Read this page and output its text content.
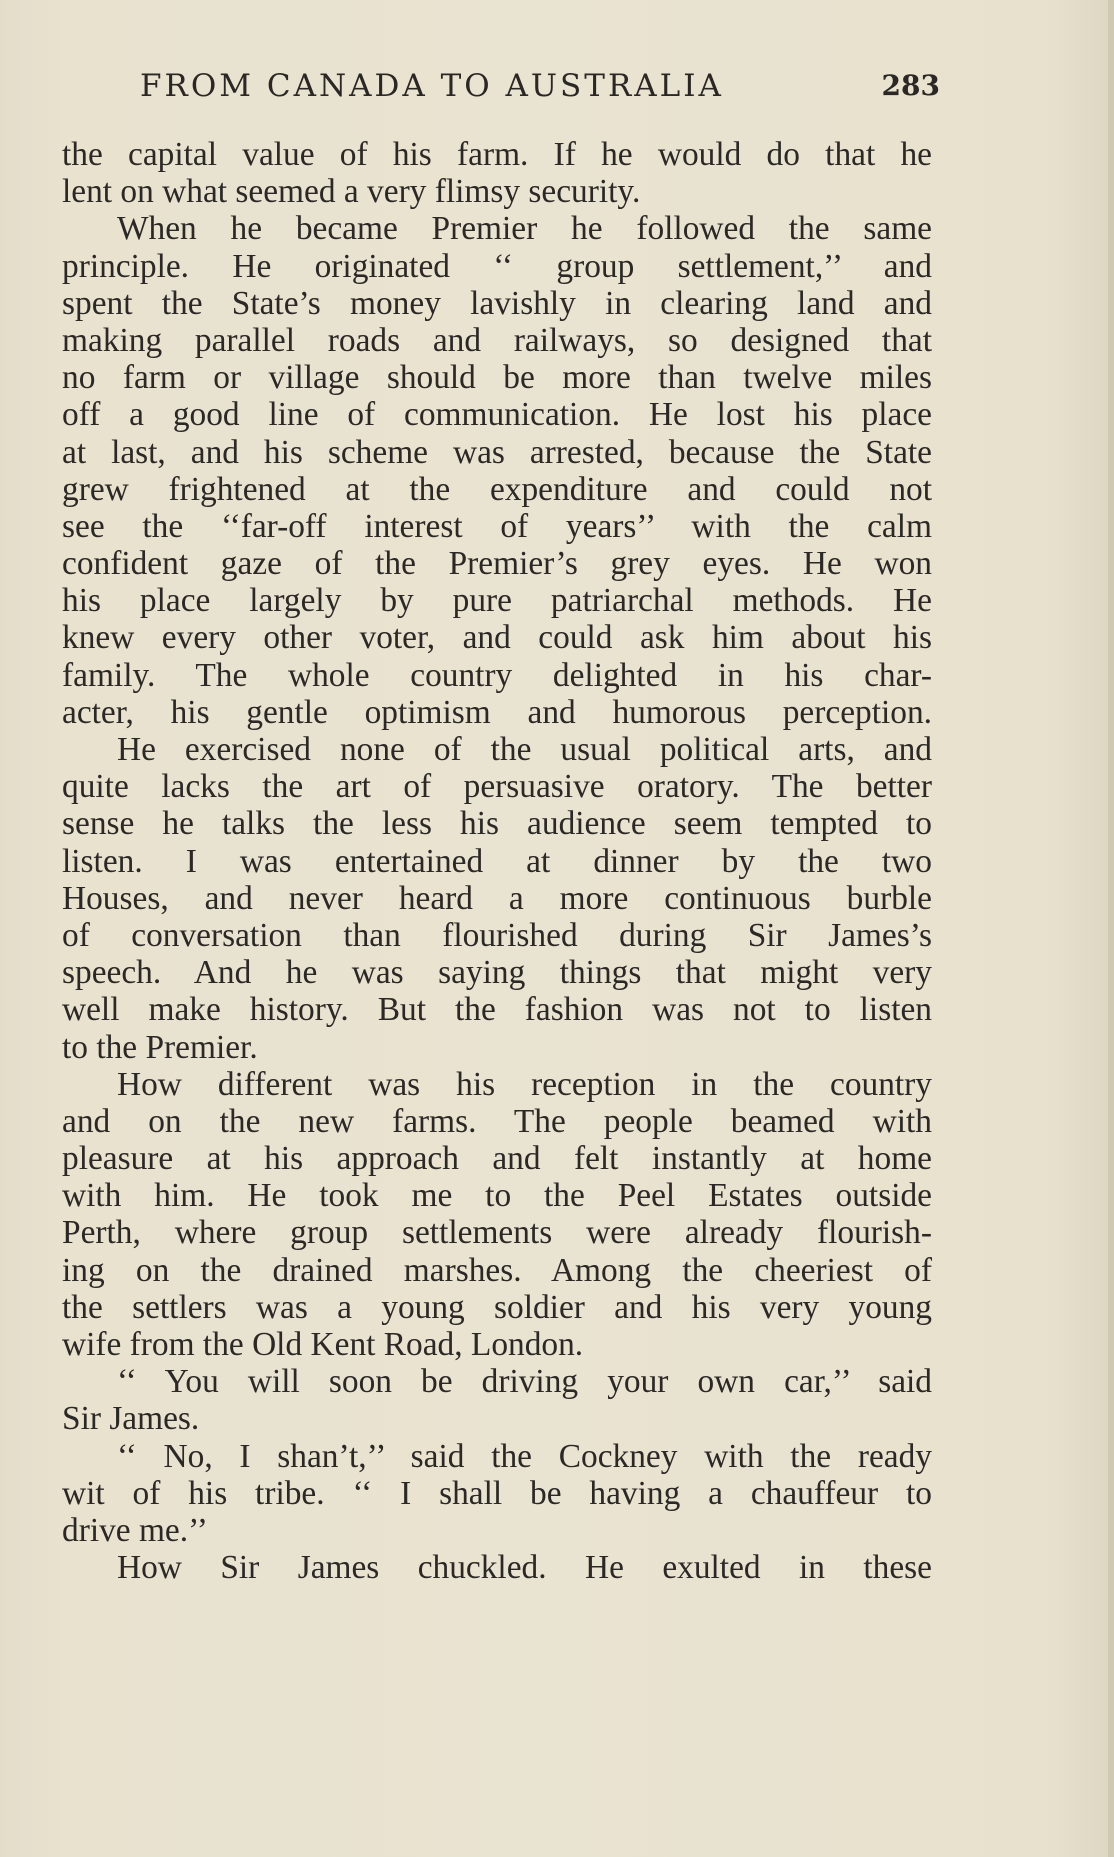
FROM CANADA TO AUSTRALIA	283
the capital value of his farm. If he would do that he
lent on what seemed a very flimsy security.
When he became Premier he followed the same
principle. He originated ‘‘ group settlement,’’ and
spent the State’s money lavishly in clearing land and
making parallel roads and railways, so designed that
no farm or village should be more than twelve miles
off a good line of communication. He lost his place
at last, and his scheme was arrested, because the State
grew frightened at the expenditure and could not
see the ‘‘far-off interest of years’’ with the calm
confident gaze of the Premier’s grey eyes. He won
his place largely by pure patriarchal methods. He
knew every other voter, and could ask him about his
family. The whole country delighted in his char-
acter, his gentle optimism and humorous perception.
He exercised none of the usual political arts, and
quite lacks the art of persuasive oratory. The better
sense he talks the less his audience seem tempted to
listen. I was entertained at dinner by the two
Houses, and never heard a more continuous burble
of conversation than flourished during Sir James’s
speech. And he was saying things that might very
well make history. But the fashion was not to listen
to the Premier.
How different was his reception in the country
and on the new farms. The people beamed with
pleasure at his approach and felt instantly at home
with him. He took me to the Peel Estates outside
Perth, where group settlements were already flourish-
ing on the drained marshes. Among the cheeriest of
the settlers was a young soldier and his very young
wife from the Old Kent Road, London.
‘‘ You will soon be driving your own car,’’ said
Sir James.
‘‘ No, I shan’t,’’ said the Cockney with the ready
wit of his tribe. ‘‘ I shall be having a chauffeur to
drive me.’’
How Sir James chuckled. He exulted in these
